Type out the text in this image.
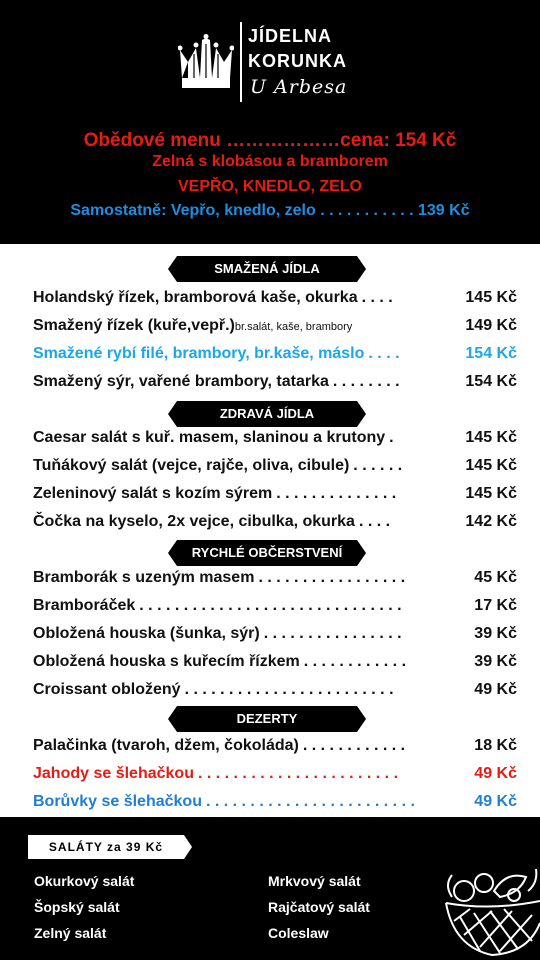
JÍDELNA
KORUNKA
U Arbesa
Obědové menu ………………cena: 154 Kč
Zelná s klobásou a bramborem
VEPŘO, KNEDLO, ZELO
Samostatně: Vepřo, knedlo, zelo . . . . . . . . . . . 139 Kč
SMAŽENÁ JÍDLA
Holandský řízek, bramborová kaše, okurka . . . .	145 Kč
Smažený řízek (kuře,vepř.)br.salát, kaše, brambory	149 Kč
Smažené rybí filé, brambory, br.kaše, máslo . . . .	154 Kč
Smažený sýr, vařené brambory, tatarka . . . . . . . .	154 Kč
ZDRAVÁ JÍDLA
Caesar salát s kuř. masem, slaninou a krutony .	145 Kč
Tuňákový salát (vejce, rajče, oliva, cibule) . . . . . .	145 Kč
Zeleninový salát s kozím sýrem . . . . . . . . . . . . . .	145 Kč
Čočka na kyselo, 2x vejce, cibulka, okurka . . . .	142 Kč
RYCHLÉ OBČERSTVENÍ
Bramborák s uzeným masem . . . . . . . . . . . . . . . . .	45 Kč
Bramboráček . . . . . . . . . . . . . . . . . . . . . . . . . . . . . .	17 Kč
Obložená houska (šunka, sýr) . . . . . . . . . . . . . . . .	39 Kč
Obložená houska s kuřecím řízkem . . . . . . . . . . . .	39 Kč
Croissant obložený . . . . . . . . . . . . . . . . . . . . . . . .	49 Kč
DEZERTY
Palačinka (tvaroh, džem, čokoláda) . . . . . . . . . . . .	18 Kč
Jahody se šlehačkou . . . . . . . . . . . . . . . . . . . . . . .	49 Kč
Borůvky se šlehačkou . . . . . . . . . . . . . . . . . . . . . . . .	49 Kč
SALÁTY za 39 Kč
Okurkový salát
Šopský salát
Zelný salát
Mrkvový salát
Rajčatový salát
Coleslaw
